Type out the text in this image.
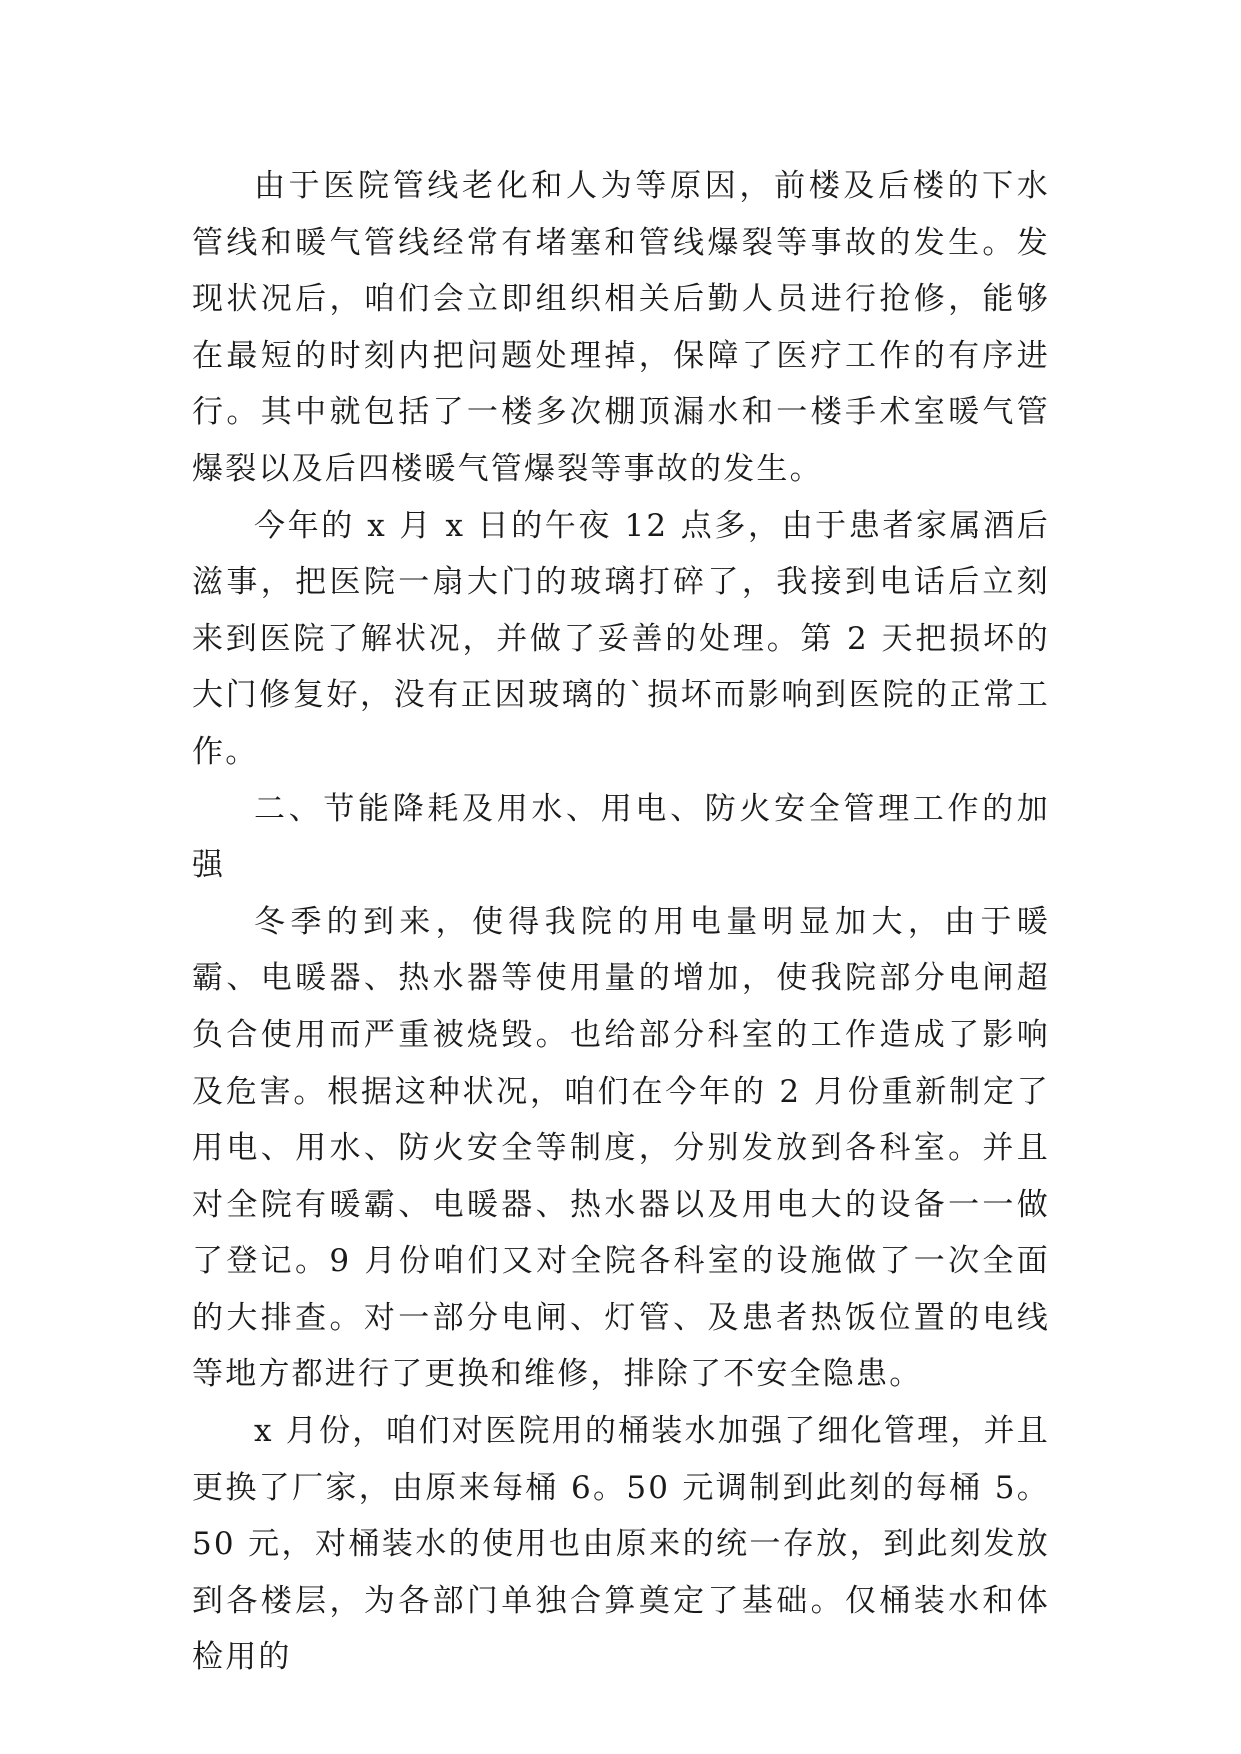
由于医院管线老化和人为等原因，前楼及后楼的下水管线和暖气管线经常有堵塞和管线爆裂等事故的发生。发现状况后，咱们会立即组织相关后勤人员进行抢修，能够在最短的时刻内把问题处理掉，保障了医疗工作的有序进行。其中就包括了一楼多次棚顶漏水和一楼手术室暖气管爆裂以及后四楼暖气管爆裂等事故的发生。

今年的 x 月 x 日的午夜 12 点多，由于患者家属酒后滋事，把医院一扇大门的玻璃打碎了，我接到电话后立刻来到医院了解状况，并做了妥善的处理。第 2 天把损坏的大门修复好，没有正因玻璃的`损坏而影响到医院的正常工作。

二、节能降耗及用水、用电、防火安全管理工作的加强

冬季的到来，使得我院的用电量明显加大，由于暖霸、电暖器、热水器等使用量的增加，使我院部分电闸超负合使用而严重被烧毁。也给部分科室的工作造成了影响及危害。根据这种状况，咱们在今年的 2 月份重新制定了用电、用水、防火安全等制度，分别发放到各科室。并且对全院有暖霸、电暖器、热水器以及用电大的设备一一做了登记。9 月份咱们又对全院各科室的设施做了一次全面的大排查。对一部分电闸、灯管、及患者热饭位置的电线等地方都进行了更换和维修，排除了不安全隐患。

x 月份，咱们对医院用的桶装水加强了细化管理，并且更换了厂家，由原来每桶 6。50 元调制到此刻的每桶 5。50 元，对桶装水的使用也由原来的统一存放，到此刻发放到各楼层，为各部门单独合算奠定了基础。仅桶装水和体检用的
